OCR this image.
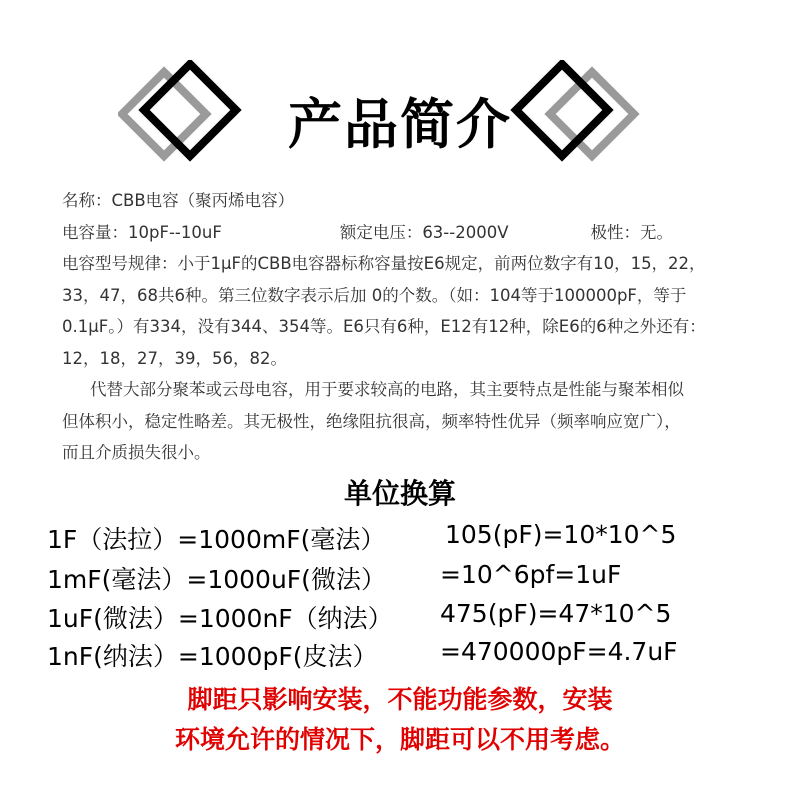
产品简介
名称：CBB电容（聚丙烯电容）
电容量：10pF--10uF	额定电压：63--2000V	极性：无。
电容型号规律：小于1μF的CBB电容器标称容量按E6规定，前两位数字有10，15，22，
33，47，68共6种。第三位数字表示后加 0的个数。（如：104等于100000pF，等于
0.1μF。）有334，没有344、354等。E6只有6种，E12有12种，除E6的6种之外还有：
12，18，27，39，56，82。
代替大部分聚苯或云母电容，用于要求较高的电路，其主要特点是性能与聚苯相似
但体积小，稳定性略差。其无极性，绝缘阻抗很高，频率特性优异（频率响应宽广），
而且介质损失很小。
单位换算
1F（法拉）=1000mF(毫法） 105(pF)=10*10^5
1mF(毫法）=1000uF(微法） =10^6pf=1uF
1uF(微法）=1000nF（纳法） 475(pF)=47*10^5
1nF(纳法）=1000pF(皮法）	=470000pF=4.7uF
脚距只影响安装，不能功能参数，安装
环境允许的情况下，脚距可以不用考虑。
